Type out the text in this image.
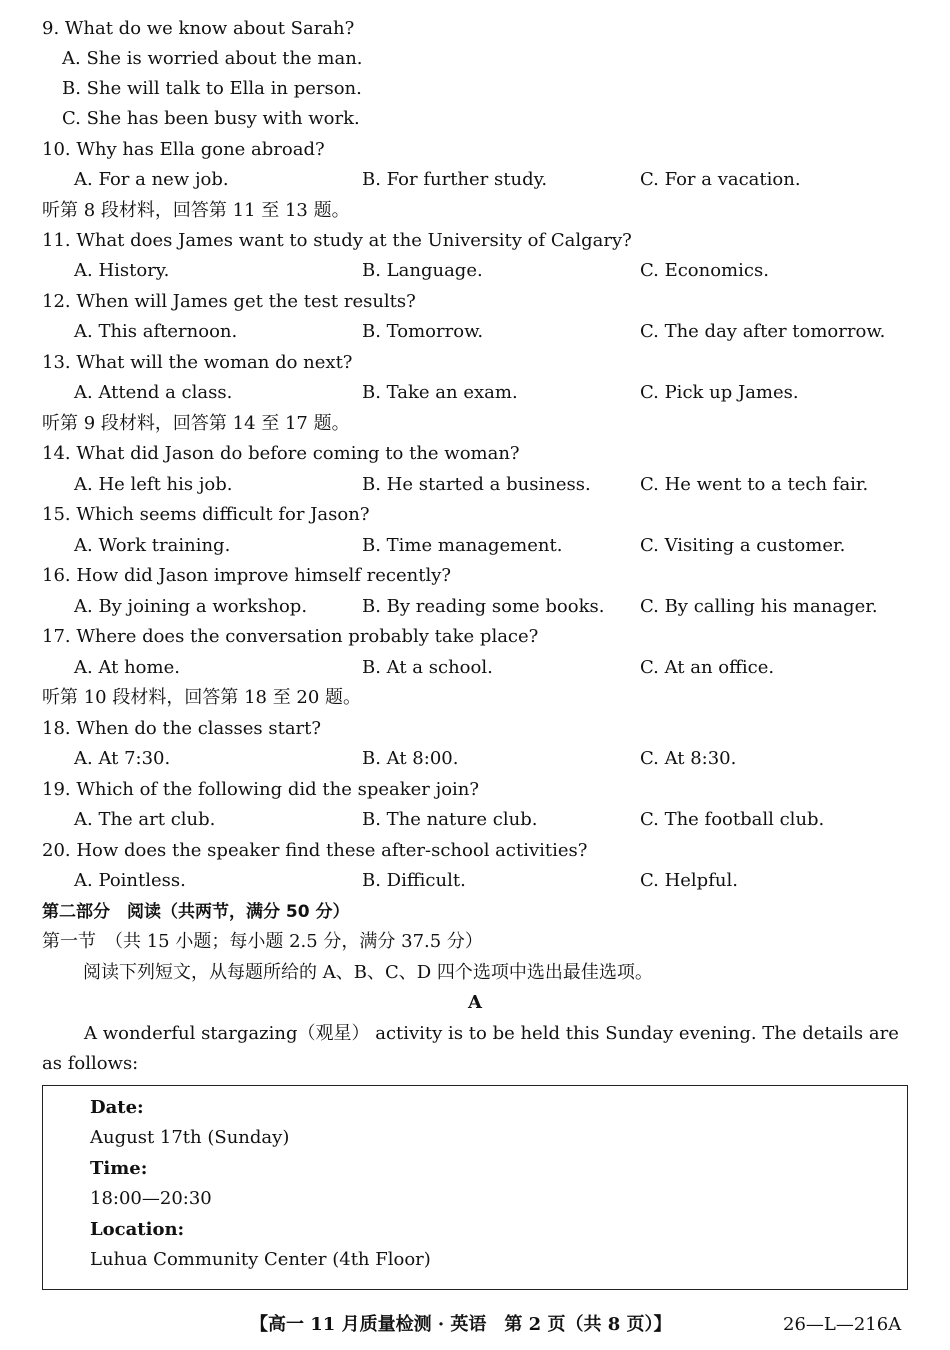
9. What do we know about Sarah?
A. She is worried about the man.
B. She will talk to Ella in person.
C. She has been busy with work.
10. Why has Ella gone abroad?
A. For a new job.	B. For further study.	C. For a vacation.
听第 8 段材料，回答第 11 至 13 题。
11. What does James want to study at the University of Calgary?
A. History.	B. Language.	C. Economics.
12. When will James get the test results?
A. This afternoon.	B. Tomorrow.	C. The day after tomorrow.
13. What will the woman do next?
A. Attend a class.	B. Take an exam.	C. Pick up James.
听第 9 段材料，回答第 14 至 17 题。
14. What did Jason do before coming to the woman?
A. He left his job.	B. He started a business.	C. He went to a tech fair.
15. Which seems difficult for Jason?
A. Work training.	B. Time management.	C. Visiting a customer.
16. How did Jason improve himself recently?
A. By joining a workshop.	B. By reading some books. C. By calling his manager.
17. Where does the conversation probably take place?
A. At home.	B. At a school.	C. At an office.
听第 10 段材料，回答第 18 至 20 题。
18. When do the classes start?
A. At 7:30.	B. At 8:00.	C. At 8:30.
19. Which of the following did the speaker join?
A. The art club.	B. The nature club.	C. The football club.
20. How does the speaker find these after-school activities?
A. Pointless.	B. Difficult.	C. Helpful.
第二部分　阅读（共两节，满分 50 分）
第一节　（共 15 小题；每小题 2.5 分，满分 37.5 分）
阅读下列短文，从每题所给的 A、B、C、D 四个选项中选出最佳选项。
A
A wonderful stargazing（观星） activity is to be held this Sunday evening. The details are
as follows:
Date:
August 17th (Sunday)
Time:
18:00—20:30
Location:
Luhua Community Center (4th Floor)
【高一 11 月质量检测 · 英语　第 2 页（共 8 页）】	26—L—216A
